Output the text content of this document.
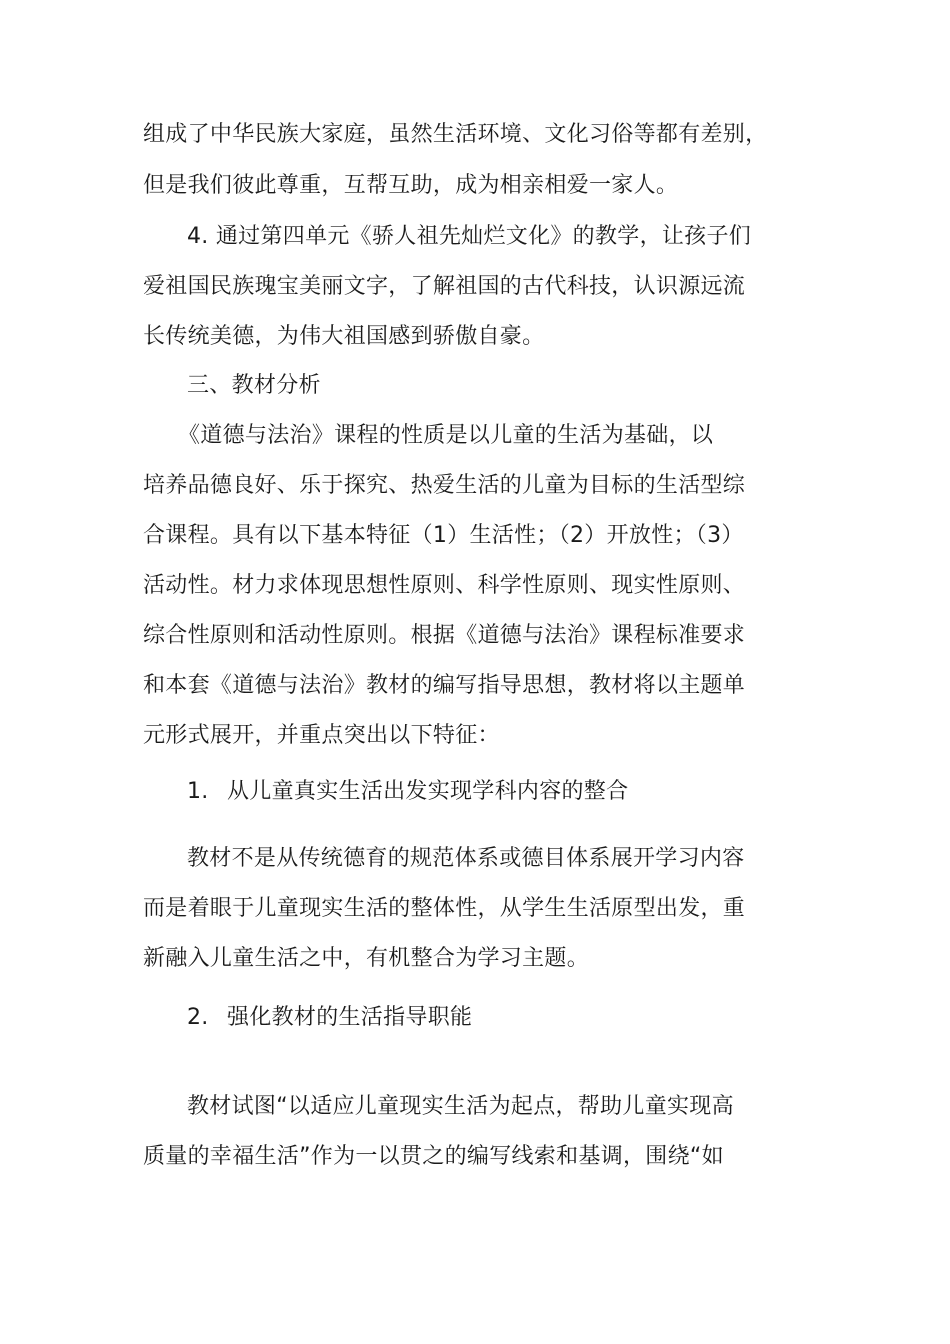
组成了中华民族大家庭，虽然生活环境、文化习俗等都有差别，
但是我们彼此尊重，互帮互助，成为相亲相爱一家人。
4. 通过第四单元《骄人祖先灿烂文化》的教学，让孩子们
爱祖国民族瑰宝美丽文字，了解祖国的古代科技，认识源远流
长传统美德，为伟大祖国感到骄傲自豪。
三、教材分析
《道德与法治》课程的性质是以儿童的生活为基础，以
培养品德良好、乐于探究、热爱生活的儿童为目标的生活型综
合课程。具有以下基本特征（1）生活性；（2）开放性；（3）
活动性。材力求体现思想性原则、科学性原则、现实性原则、
综合性原则和活动性原则。根据《道德与法治》课程标准要求
和本套《道德与法治》教材的编写指导思想，教材将以主题单
元形式展开，并重点突出以下特征：
1. 从儿童真实生活出发实现学科内容的整合
教材不是从传统德育的规范体系或德目体系展开学习内容
而是着眼于儿童现实生活的整体性，从学生生活原型出发，重
新融入儿童生活之中，有机整合为学习主题。
2. 强化教材的生活指导职能
教材试图“以适应儿童现实生活为起点，帮助儿童实现高
质量的幸福生活”作为一以贯之的编写线索和基调，围绕“如
